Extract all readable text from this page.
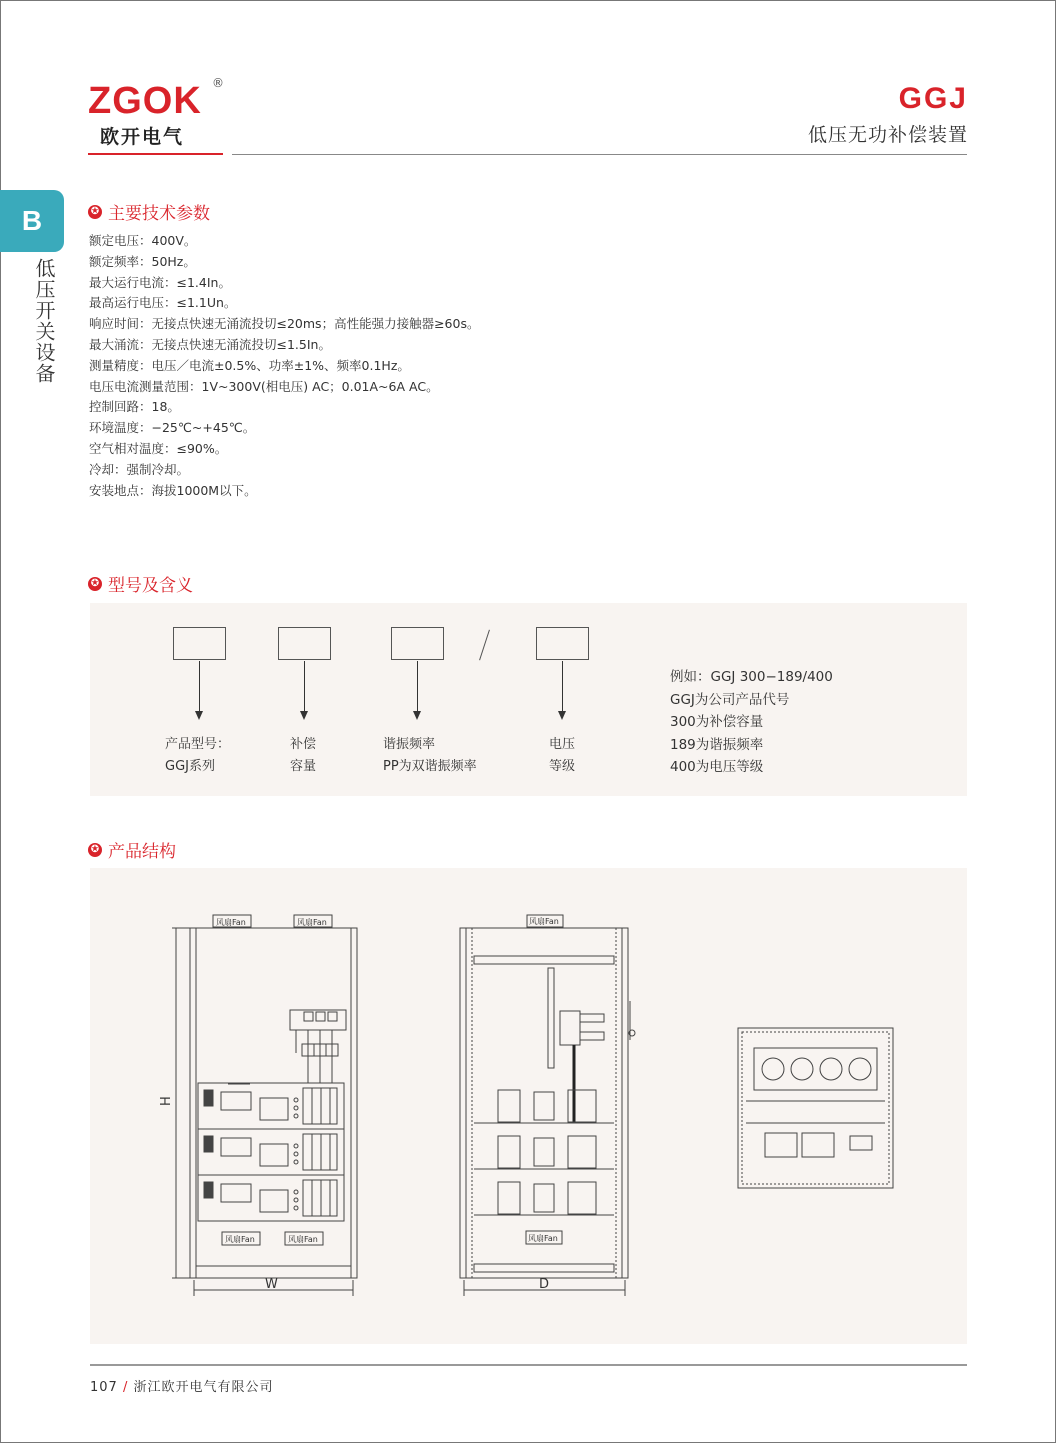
ZGOK ®
欧开电气
GGJ
低压无功补偿装置
B
低压开关设备
✪ 主要技术参数
额定电压：400V。
额定频率：50Hz。
最大运行电流：≤1.4In。
最高运行电压：≤1.1Un。
响应时间：无接点快速无涌流投切≤20ms；高性能强力接触器≥60s。
最大涌流：无接点快速无涌流投切≤1.5In。
测量精度：电压／电流±0.5%、功率±1%、频率0.1Hz。
电压电流测量范围：1V~300V(相电压) AC；0.01A~6A AC。
控制回路：18。
环境温度：−25℃~+45℃。
空气相对温度：≤90%。
冷却：强制冷却。
安装地点：海拔1000M以下。
✪ 型号及含义
产品型号：
GGJ系列
补偿
容量
谐振频率
PP为双谐振频率
电压
等级
例如：GGJ 300−189/400
GGJ为公司产品代号
300为补偿容量
189为谐振频率
400为电压等级
✪ 产品结构
风扇Fan	风扇Fan
风扇Fan	风扇Fan
H
W
风扇Fan
风扇Fan
D
107 / 浙江欧开电气有限公司
